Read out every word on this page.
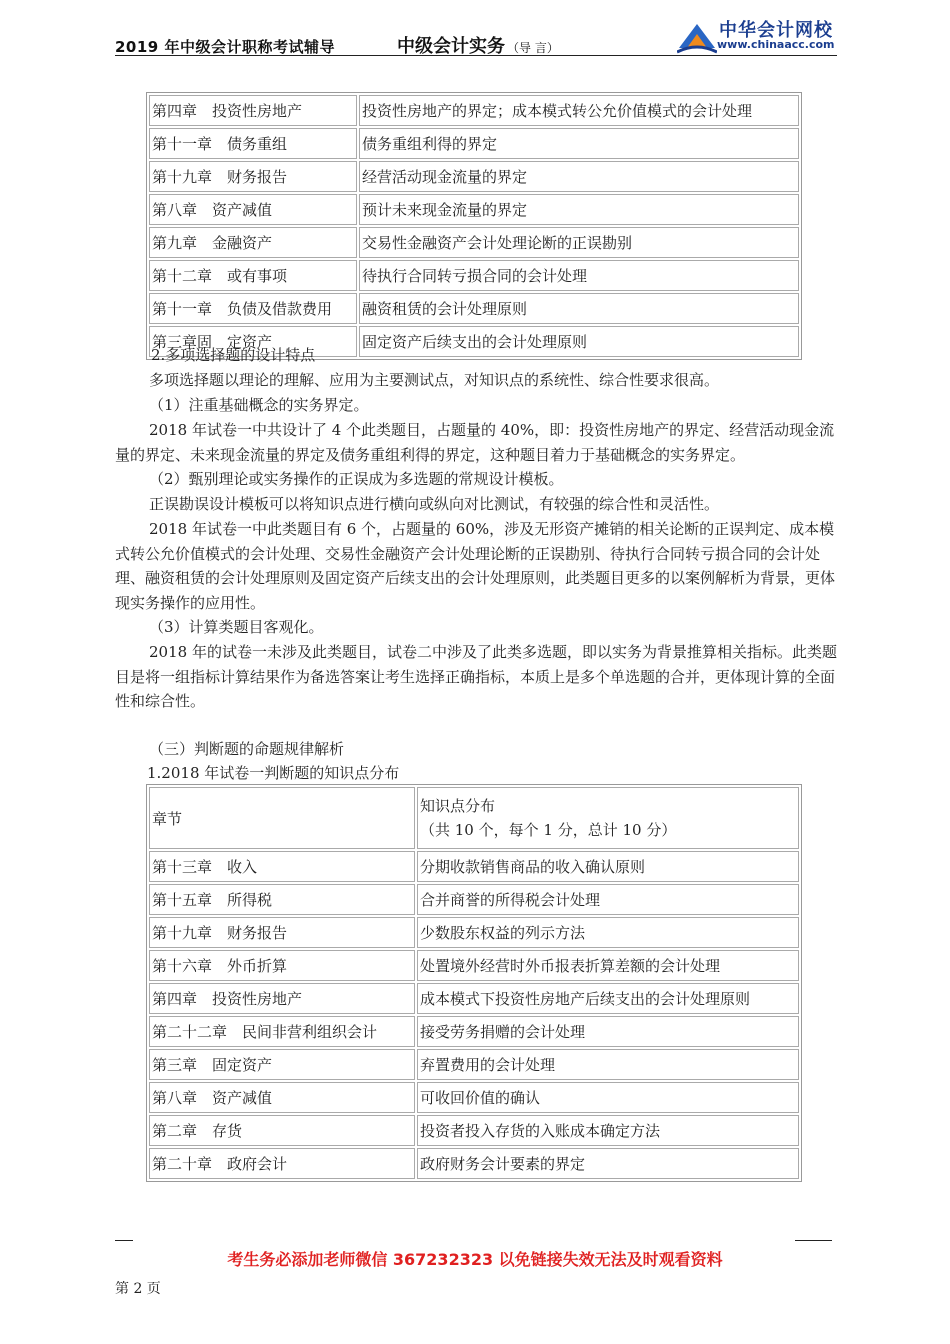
2019 年中级会计职称考试辅导	中级会计实务 （导 言）
中华会计网校
www.chinaacc.com
第四章　投资性房地产	投资性房地产的界定；成本模式转公允价值模式的会计处理
第十一章　债务重组	债务重组利得的界定
第十九章　财务报告	经营活动现金流量的界定
第八章　资产减值	预计未来现金流量的界定
第九章　金融资产	交易性金融资产会计处理论断的正误勘别
第十二章　或有事项	待执行合同转亏损合同的会计处理
第十一章　负债及借款费用	融资租赁的会计处理原则
第三章固　定资产	固定资产后续支出的会计处理原则
2.多项选择题的设计特点
多项选择题以理论的理解、应用为主要测试点，对知识点的系统性、综合性要求很高。
（1）注重基础概念的实务界定。
2018 年试卷一中共设计了 4 个此类题目，占题量的 40%，即：投资性房地产的界定、经营活动现金流量的界定、未来现金流量的界定及债务重组利得的界定，这种题目着力于基础概念的实务界定。
（2）甄别理论或实务操作的正误成为多选题的常规设计模板。
正误勘误设计模板可以将知识点进行横向或纵向对比测试，有较强的综合性和灵活性。
2018 年试卷一中此类题目有 6 个，占题量的 60%，涉及无形资产摊销的相关论断的正误判定、成本模式转公允价值模式的会计处理、交易性金融资产会计处理论断的正误勘别、待执行合同转亏损合同的会计处理、融资租赁的会计处理原则及固定资产后续支出的会计处理原则，此类题目更多的以案例解析为背景，更体现实务操作的应用性。
（3）计算类题目客观化。
2018 年的试卷一未涉及此类题目，试卷二中涉及了此类多选题，即以实务为背景推算相关指标。此类题目是将一组指标计算结果作为备选答案让考生选择正确指标，本质上是多个单选题的合并，更体现计算的全面性和综合性。
（三）判断题的命题规律解析
1.2018 年试卷一判断题的知识点分布
章节	知识点分布
（共 10 个，每个 1 分，总计 10 分）

第十三章　收入	分期收款销售商品的收入确认原则
第十五章　所得税	合并商誉的所得税会计处理
第十九章　财务报告	少数股东权益的列示方法
第十六章　外币折算	处置境外经营时外币报表折算差额的会计处理
第四章　投资性房地产	成本模式下投资性房地产后续支出的会计处理原则
第二十二章　民间非营利组织会计	接受劳务捐赠的会计处理
第三章　固定资产	弃置费用的会计处理
第八章　资产减值	可收回价值的确认
第二章　存货	投资者投入存货的入账成本确定方法
第二十章　政府会计	政府财务会计要素的界定
考生务必添加老师微信 367232323 以免链接失效无法及时观看资料
第 2 页
